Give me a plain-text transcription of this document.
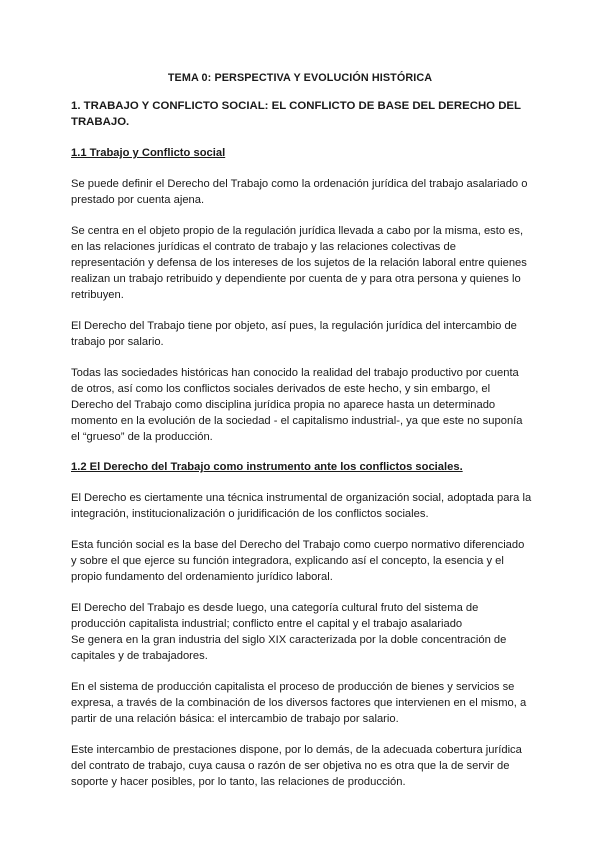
TEMA 0: PERSPECTIVA Y EVOLUCIÓN HISTÓRICA
1. TRABAJO Y CONFLICTO SOCIAL: EL CONFLICTO DE BASE DEL DERECHO DEL TRABAJO.
1.1 Trabajo y Conflicto social

Se puede definir el Derecho del Trabajo como la ordenación jurídica del trabajo asalariado o prestado por cuenta ajena.

Se centra en el objeto propio de la regulación jurídica llevada a cabo por la misma, esto es, en las relaciones jurídicas el contrato de trabajo y las relaciones colectivas de representación y defensa de los intereses de los sujetos de la relación laboral entre quienes realizan un trabajo retribuido y dependiente por cuenta de y para otra persona y quienes lo retribuyen.

El Derecho del Trabajo tiene por objeto, así pues, la regulación jurídica del intercambio de trabajo por salario.

Todas las sociedades históricas han conocido la realidad del trabajo productivo por cuenta de otros, así como los conflictos sociales derivados de este hecho, y sin embargo, el Derecho del Trabajo como disciplina jurídica propia no aparece hasta un determinado momento en la evolución de la sociedad - el capitalismo industrial-, ya que este no suponía el “grueso” de la producción.

1.2 El Derecho del Trabajo como instrumento ante los conflictos sociales.

El Derecho es ciertamente una técnica instrumental de organización social, adoptada para la integración, institucionalización o juridificación de los conflictos sociales.

Esta función social es la base del Derecho del Trabajo como cuerpo normativo diferenciado y sobre el que ejerce su función integradora, explicando así el concepto, la esencia y el propio fundamento del ordenamiento jurídico laboral.

El Derecho del Trabajo es desde luego, una categoría cultural fruto del sistema de producción capitalista industrial; conflicto entre el capital y el trabajo asalariado

Se genera en la gran industria del siglo XIX caracterizada por la doble concentración de capitales y de trabajadores.

En el sistema de producción capitalista el proceso de producción de bienes y servicios se expresa, a través de la combinación de los diversos factores que intervienen en el mismo, a partir de una relación básica: el intercambio de trabajo por salario.

Este intercambio de prestaciones dispone, por lo demás, de la adecuada cobertura jurídica del contrato de trabajo, cuya causa o razón de ser objetiva no es otra que la de servir de soporte y hacer posibles, por lo tanto, las relaciones de producción.
